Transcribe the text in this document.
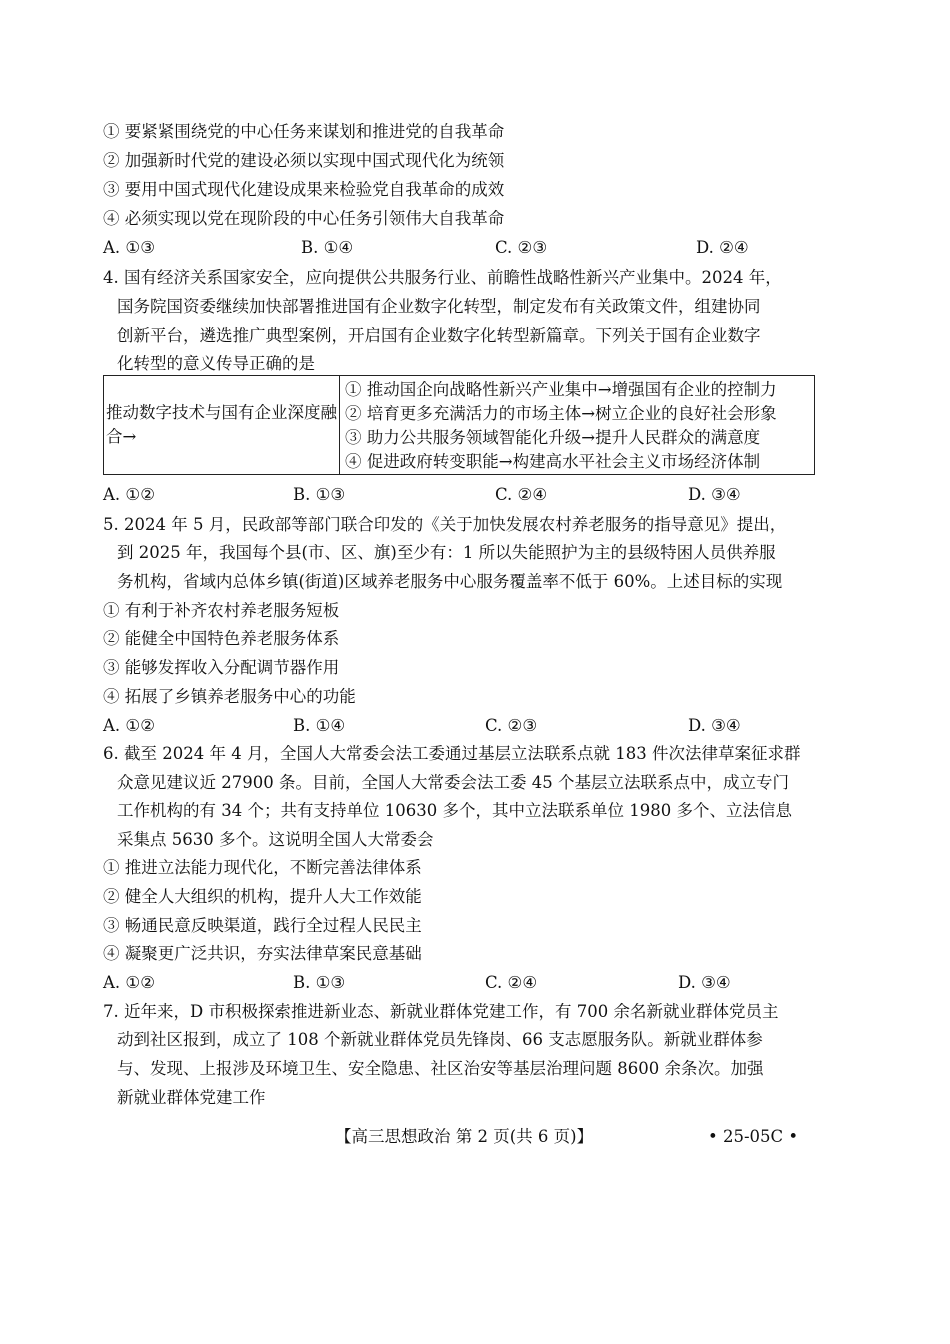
① 要紧紧围绕党的中心任务来谋划和推进党的自我革命
② 加强新时代党的建设必须以实现中国式现代化为统领
③ 要用中国式现代化建设成果来检验党自我革命的成效
④ 必须实现以党在现阶段的中心任务引领伟大自我革命
A. ①③	B. ①④	C. ②③	D. ②④
4. 国有经济关系国家安全，应向提供公共服务行业、前瞻性战略性新兴产业集中。2024 年，
国务院国资委继续加快部署推进国有企业数字化转型，制定发布有关政策文件，组建协同
创新平台，遴选推广典型案例，开启国有企业数字化转型新篇章。下列关于国有企业数字
化转型的意义传导正确的是
推动数字技术与国有企业深度融合→
① 推动国企向战略性新兴产业集中→增强国有企业的控制力
② 培育更多充满活力的市场主体→树立企业的良好社会形象
③ 助力公共服务领域智能化升级→提升人民群众的满意度
④ 促进政府转变职能→构建高水平社会主义市场经济体制
A. ①②	B. ①③	C. ②④	D. ③④
5. 2024 年 5 月，民政部等部门联合印发的《关于加快发展农村养老服务的指导意见》提出，
到 2025 年，我国每个县(市、区、旗)至少有：1 所以失能照护为主的县级特困人员供养服
务机构，省域内总体乡镇(街道)区域养老服务中心服务覆盖率不低于 60%。上述目标的实现
① 有利于补齐农村养老服务短板
② 能健全中国特色养老服务体系
③ 能够发挥收入分配调节器作用
④ 拓展了乡镇养老服务中心的功能
A. ①②	B. ①④	C. ②③	D. ③④
6. 截至 2024 年 4 月，全国人大常委会法工委通过基层立法联系点就 183 件次法律草案征求群
众意见建议近 27900 条。目前，全国人大常委会法工委 45 个基层立法联系点中，成立专门
工作机构的有 34 个；共有支持单位 10630 多个，其中立法联系单位 1980 多个、立法信息
采集点 5630 多个。这说明全国人大常委会
① 推进立法能力现代化，不断完善法律体系
② 健全人大组织的机构，提升人大工作效能
③ 畅通民意反映渠道，践行全过程人民民主
④ 凝聚更广泛共识，夯实法律草案民意基础
A. ①②	B. ①③	C. ②④	D. ③④
7. 近年来，D 市积极探索推进新业态、新就业群体党建工作，有 700 余名新就业群体党员主
动到社区报到，成立了 108 个新就业群体党员先锋岗、66 支志愿服务队。新就业群体参
与、发现、上报涉及环境卫生、安全隐患、社区治安等基层治理问题 8600 余条次。加强
新就业群体党建工作
【高三思想政治 第 2 页(共 6 页)】	• 25-05C •
